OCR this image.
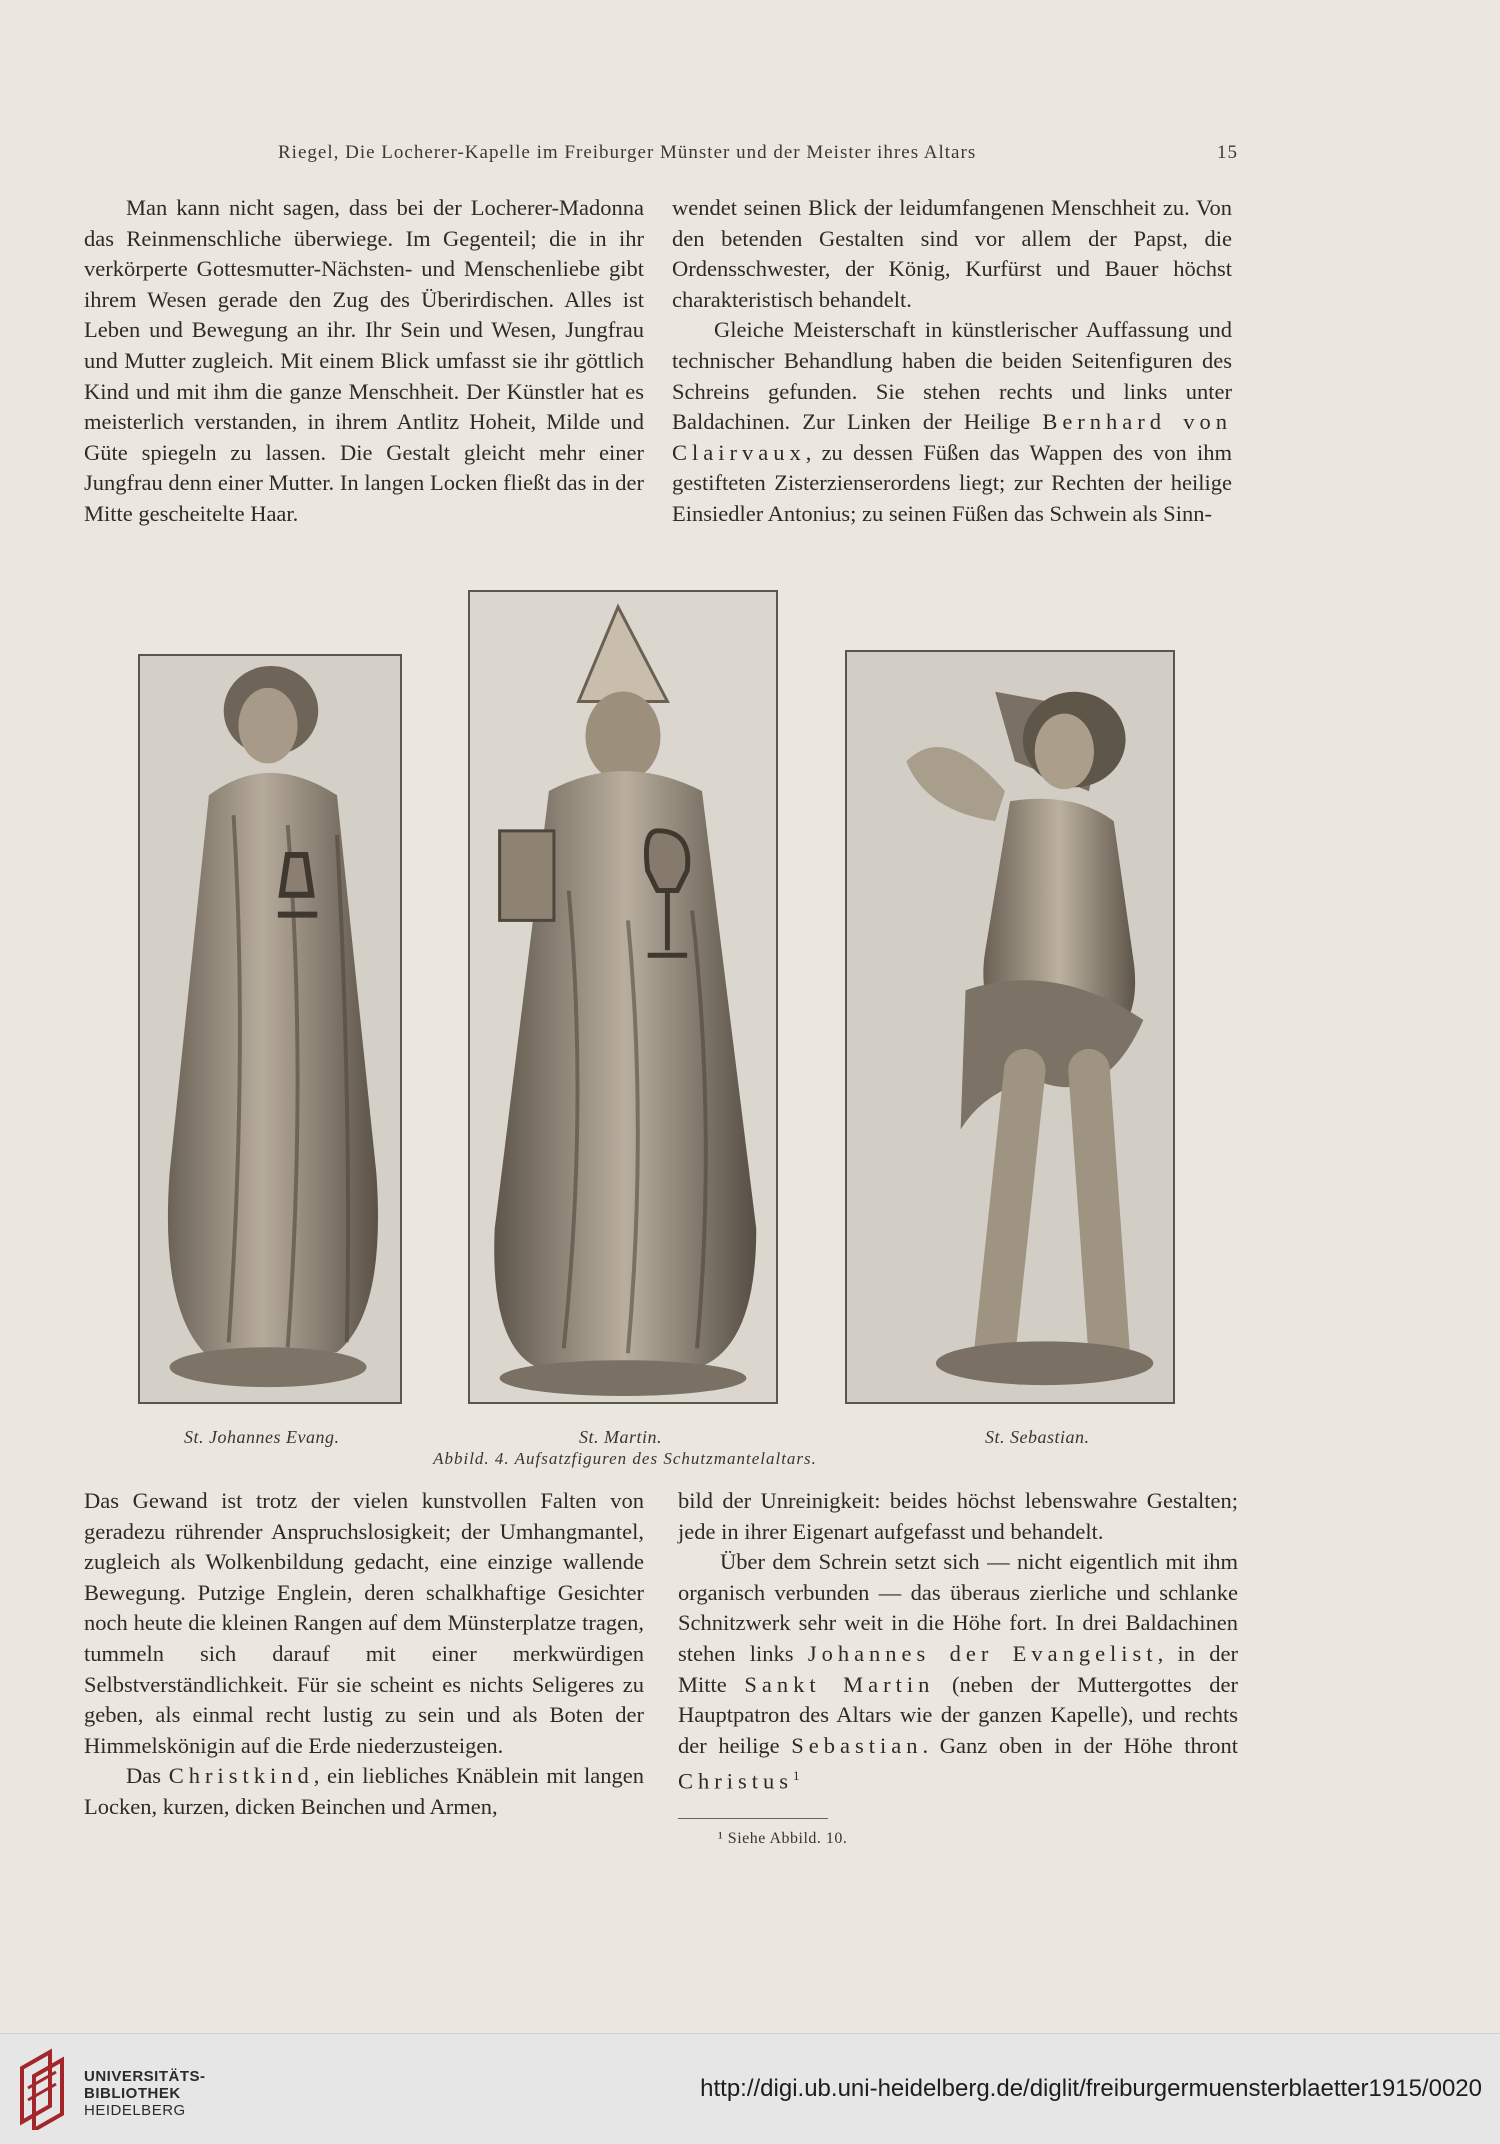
Riegel, Die Locherer-Kapelle im Freiburger Münster und der Meister ihres Altars	15

Man kann nicht sagen, dass bei der Locherer-Madonna das Reinmenschliche überwiege. Im Gegenteil; die in ihr verkörperte Gottesmutter-Nächsten- und Menschenliebe gibt ihrem Wesen gerade den Zug des Überirdischen. Alles ist Leben und Bewegung an ihr. Ihr Sein und Wesen, Jungfrau und Mutter zugleich. Mit einem Blick umfasst sie ihr göttlich Kind und mit ihm die ganze Menschheit. Der Künstler hat es meisterlich verstanden, in ihrem Antlitz Hoheit, Milde und Güte spiegeln zu lassen. Die Gestalt gleicht mehr einer Jungfrau denn einer Mutter. In langen Locken fließt das in der Mitte gescheitelte Haar.

wendet seinen Blick der leidumfangenen Menschheit zu. Von den betenden Gestalten sind vor allem der Papst, die Ordensschwester, der König, Kurfürst und Bauer höchst charakteristisch behandelt.

Gleiche Meisterschaft in künstlerischer Auffassung und technischer Behandlung haben die beiden Seitenfiguren des Schreins gefunden. Sie stehen rechts und links unter Baldachinen. Zur Linken der Heilige Bernhard von Clairvaux, zu dessen Füßen das Wappen des von ihm gestifteten Zisterzienserordens liegt; zur Rechten der heilige Einsiedler Antonius; zu seinen Füßen das Schwein als Sinn-

St. Johannes Evang.	St. Martin.	St. Sebastian.
Abbild. 4. Aufsatzfiguren des Schutzmantelaltars.

Das Gewand ist trotz der vielen kunstvollen Falten von geradezu rührender Anspruchslosigkeit; der Umhangmantel, zugleich als Wolkenbildung gedacht, eine einzige wallende Bewegung. Putzige Englein, deren schalkhaftige Gesichter noch heute die kleinen Rangen auf dem Münsterplatze tragen, tummeln sich darauf mit einer merkwürdigen Selbstverständlichkeit. Für sie scheint es nichts Seligeres zu geben, als einmal recht lustig zu sein und als Boten der Himmelskönigin auf die Erde niederzusteigen.

Das Christkind, ein liebliches Knäblein mit langen Locken, kurzen, dicken Beinchen und Armen,

bild der Unreinigkeit: beides höchst lebenswahre Gestalten; jede in ihrer Eigenart aufgefasst und behandelt.

Über dem Schrein setzt sich — nicht eigentlich mit ihm organisch verbunden — das überaus zierliche und schlanke Schnitzwerk sehr weit in die Höhe fort. In drei Baldachinen stehen links Johannes der Evangelist, in der Mitte Sankt Martin (neben der Muttergottes der Hauptpatron des Altars wie der ganzen Kapelle), und rechts der heilige Sebastian. Ganz oben in der Höhe thront Christus$^1$

¹ Siehe Abbild. 10.
UNIVERSITÄTS-
BIBLIOTHEK
HEIDELBERG
http://digi.ub.uni-heidelberg.de/diglit/freiburgermuensterblaetter1915/0020
